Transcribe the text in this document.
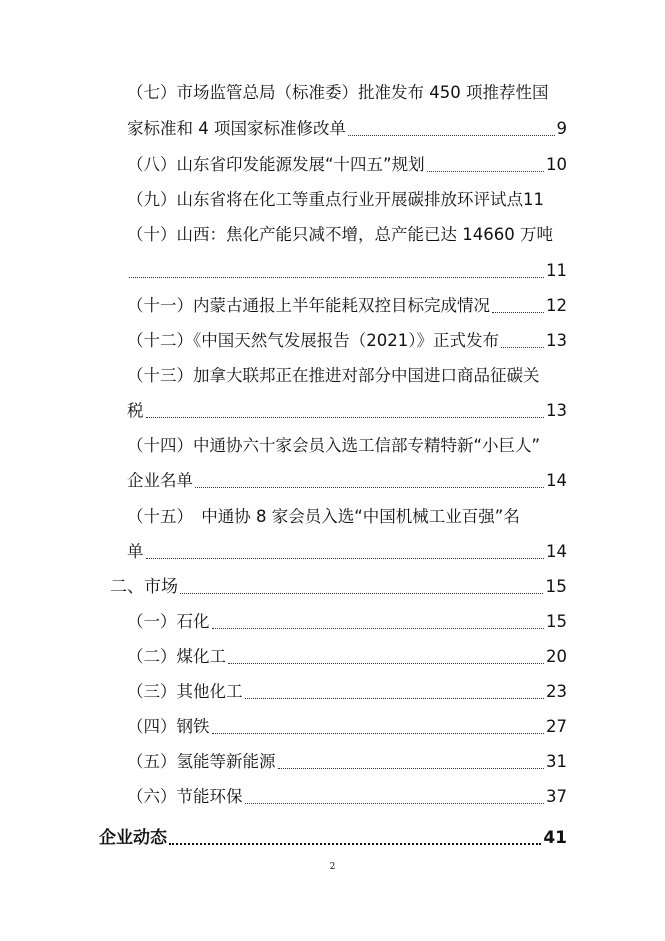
（七）市场监管总局（标准委）批准发布 450 项推荐性国
家标准和 4 项国家标准修改单	9
（八）山东省印发能源发展“十四五”规划	10
（九）山东省将在化工等重点行业开展碳排放环评试点 11
（十）山西：焦化产能只减不增，总产能已达 14660 万吨
11
（十一）内蒙古通报上半年能耗双控目标完成情况	12
（十二）《中国天然气发展报告（2021）》正式发布	13
（十三）加拿大联邦正在推进对部分中国进口商品征碳关
税	13
（十四）中通协六十家会员入选工信部专精特新“小巨人”
企业名单	14
（十五）　中通协 8 家会员入选“中国机械工业百强”名
单	14
二、市场	15
（一）石化	15
（二）煤化工	20
（三）其他化工	23
（四）钢铁	27
（五）氢能等新能源	31
（六）节能环保	37
企业动态	41
2
